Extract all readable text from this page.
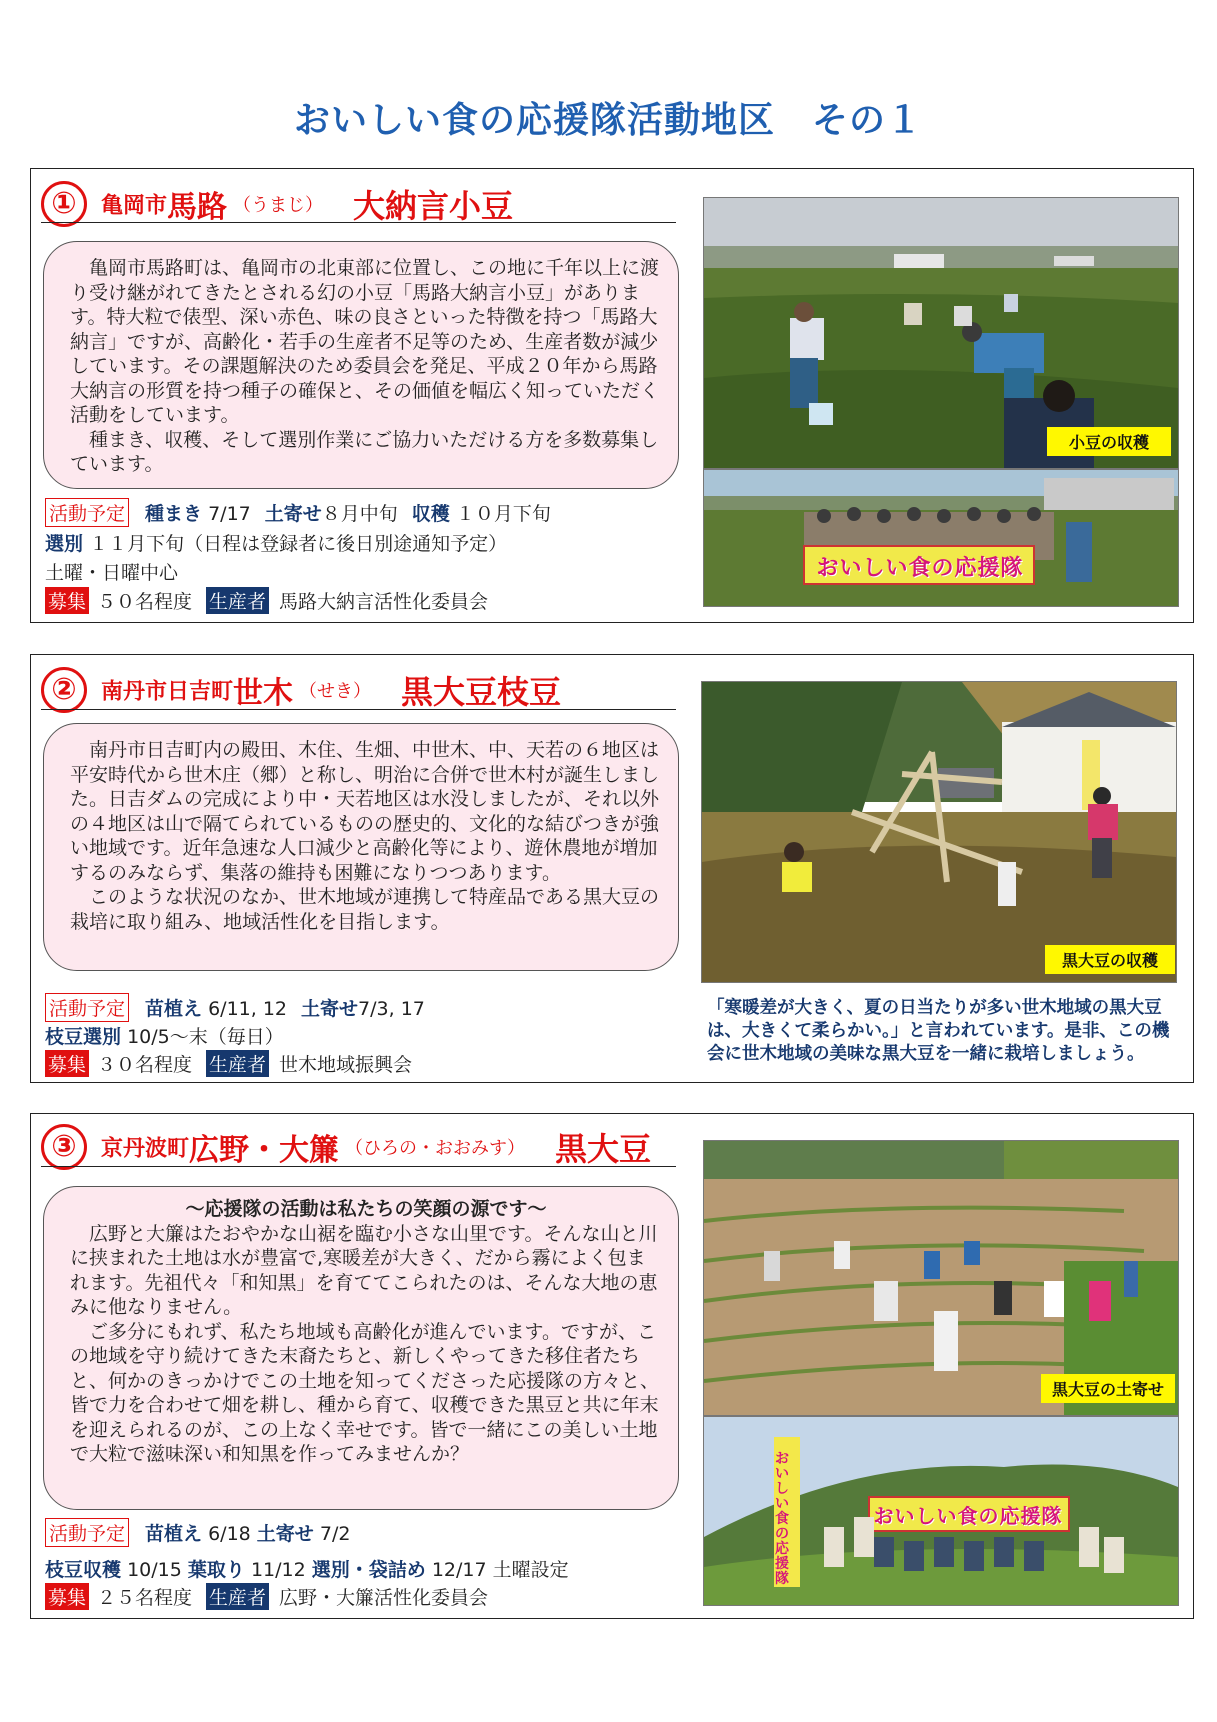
おいしい食の応援隊活動地区　その１
① 亀岡市馬路 （うまじ） 大納言小豆

亀岡市馬路町は、亀岡市の北東部に位置し、この地に千年以上に渡り受け継がれてきたとされる幻の小豆「馬路大納言小豆」があります。特大粒で俵型、深い赤色、味の良さといった特徴を持つ「馬路大納言」ですが、高齢化・若手の生産者不足等のため、生産者数が減少しています。その課題解決のため委員会を発足、平成２０年から馬路大納言の形質を持つ種子の確保と、その価値を幅広く知っていただく活動をしています。

種まき、収穫、そして選別作業にご協力いただける方を多数募集しています。

活動予定 種まき 7/17 土寄せ８月中旬 収穫 １０月下旬
選別 １１月下旬（日程は登録者に後日別途通知予定）
土曜・日曜中心
募集 ５０名程度 生産者 馬路大納言活性化委員会
小豆の収穫
おいしい食の応援隊
② 南丹市日吉町世木 （せき） 黒大豆枝豆

南丹市日吉町内の殿田、木住、生畑、中世木、中、天若の６地区は平安時代から世木庄（郷）と称し、明治に合併で世木村が誕生しました。日吉ダムの完成により中・天若地区は水没しましたが、それ以外の４地区は山で隔てられているものの歴史的、文化的な結びつきが強い地域です。近年急速な人口減少と高齢化等により、遊休農地が増加するのみならず、集落の維持も困難になりつつあります。

このような状況のなか、世木地域が連携して特産品である黒大豆の栽培に取り組み、地域活性化を目指します。

活動予定 苗植え 6/11, 12 土寄せ7/3, 17
枝豆選別 10/5～末（毎日）
募集 ３０名程度 生産者 世木地域振興会
黒大豆の収穫
「寒暖差が大きく、夏の日当たりが多い世木地域の黒大豆は、大きくて柔らかい。」と言われています。是非、この機会に世木地域の美味な黒大豆を一緒に栽培しましょう。
③ 京丹波町広野・大簾 （ひろの・おおみす） 黒大豆

～応援隊の活動は私たちの笑顔の源です～

広野と大簾はたおやかな山裾を臨む小さな山里です。そんな山と川に挟まれた土地は水が豊富で,寒暖差が大きく、だから霧によく包まれます。先祖代々「和知黒」を育ててこられたのは、そんな大地の恵みに他なりません。

ご多分にもれず、私たち地域も高齢化が進んでいます。ですが、この地域を守り続けてきた末裔たちと、新しくやってきた移住者たちと、何かのきっかけでこの土地を知ってくださった応援隊の方々と、皆で力を合わせて畑を耕し、種から育て、収穫できた黒豆と共に年末を迎えられるのが、この上なく幸せです。皆で一緒にこの美しい土地で大粒で滋味深い和知黒を作ってみませんか？

活動予定 苗植え 6/18 土寄せ 7/2
枝豆収穫 10/15 葉取り 11/12 選別・袋詰め 12/17 土曜設定
募集 ２５名程度 生産者 広野・大簾活性化委員会
黒大豆の土寄せ
おいしい食の応援隊
おいしい食の応援隊
